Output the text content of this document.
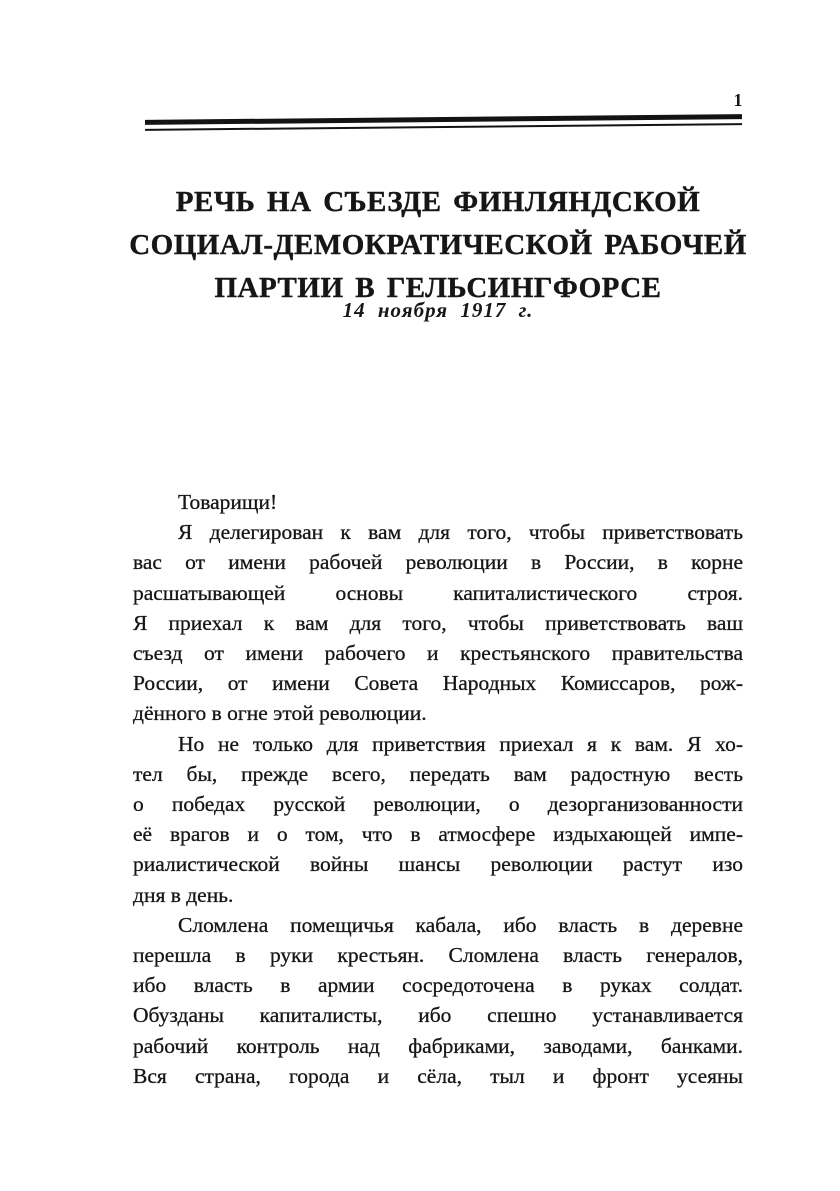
1
РЕЧЬ НА СЪЕЗДЕ ФИНЛЯНДСКОЙ
СОЦИАЛ-ДЕМОКРАТИЧЕСКОЙ РАБОЧЕЙ
ПАРТИИ В ГЕЛЬСИНГФОРСЕ
14 ноября 1917 г.
Товарищи!
Я делегирован к вам для того, чтобы приветствовать
вас от имени рабочей революции в России, в корне
расшатывающей основы капиталистического строя.
Я приехал к вам для того, чтобы приветствовать ваш
съезд от имени рабочего и крестьянского правительства
России, от имени Совета Народных Комиссаров, рож-
дённого в огне этой революции.
Но не только для приветствия приехал я к вам. Я хо-
тел бы, прежде всего, передать вам радостную весть
о победах русской революции, о дезорганизованности
её врагов и о том, что в атмосфере издыхающей импе-
риалистической войны шансы революции растут изо
дня в день.
Сломлена помещичья кабала, ибо власть в деревне
перешла в руки крестьян. Сломлена власть генералов,
ибо власть в армии сосредоточена в руках солдат.
Обузданы капиталисты, ибо спешно устанавливается
рабочий контроль над фабриками, заводами, банками.
Вся страна, города и сёла, тыл и фронт усеяны
